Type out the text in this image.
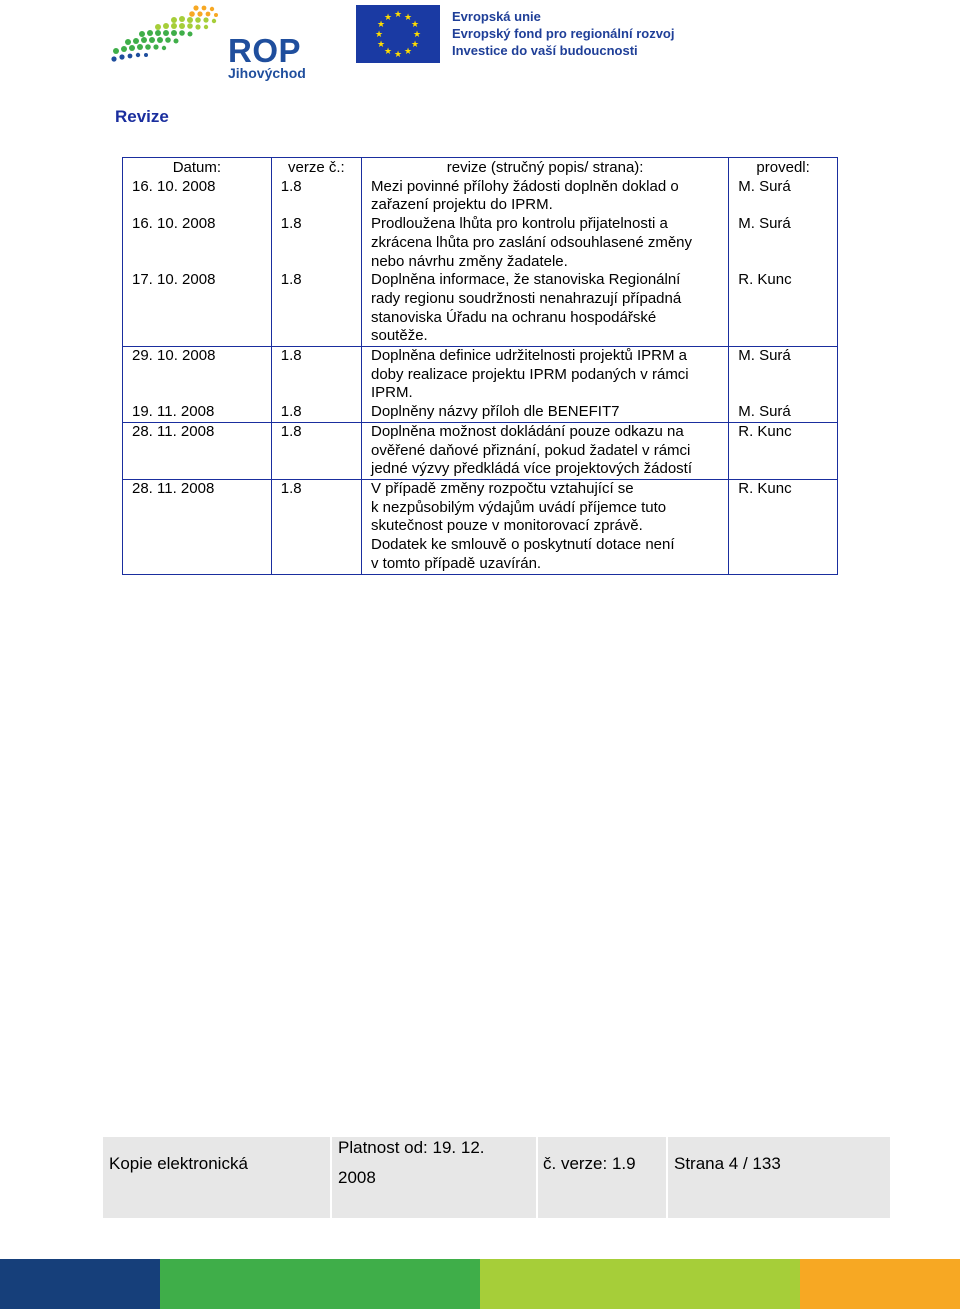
ROP
Jihovýchod
★ ★
★
★
★
★
★
★
★
★
★
★	Evropská unie
Evropský fond pro regionální rozvoj
Investice do vaší budoucnosti
Revize
Datum:	verze č.:	revize (stručný popis/ strana):	provedl:
16. 10. 2008	1.8	Mezi povinné přílohy žádosti doplněn doklad o
zařazení projektu do IPRM.	M. Surá
16. 10. 2008	1.8	Prodloužena lhůta pro kontrolu přijatelnosti a
zkrácena lhůta pro zaslání odsouhlasené změny
nebo návrhu změny žadatele.	M. Surá
17. 10. 2008	1.8	Doplněna informace, že stanoviska Regionální
rady regionu soudržnosti nenahrazují případná
stanoviska Úřadu na ochranu hospodářské
soutěže.	R. Kunc
29. 10. 2008	1.8	Doplněna definice udržitelnosti projektů IPRM a
doby realizace projektu IPRM podaných v rámci
IPRM.	M. Surá
19. 11. 2008	1.8	Doplněny názvy příloh dle BENEFIT7	M. Surá
28. 11. 2008	1.8	Doplněna možnost dokládání pouze odkazu na
ověřené daňové přiznání, pokud žadatel v rámci
jedné výzvy předkládá více projektových žádostí	R. Kunc
28. 11. 2008	1.8	V případě změny rozpočtu vztahující se
k nezpůsobilým výdajům uvádí příjemce tuto
skutečnost pouze v monitorovací zprávě.
Dodatek ke smlouvě o poskytnutí dotace není
v tomto případě uzavírán.	R. Kunc
Kopie elektronická
Platnost od: 19. 12.
2008
č. verze: 1.9 Strana 4 / 133
